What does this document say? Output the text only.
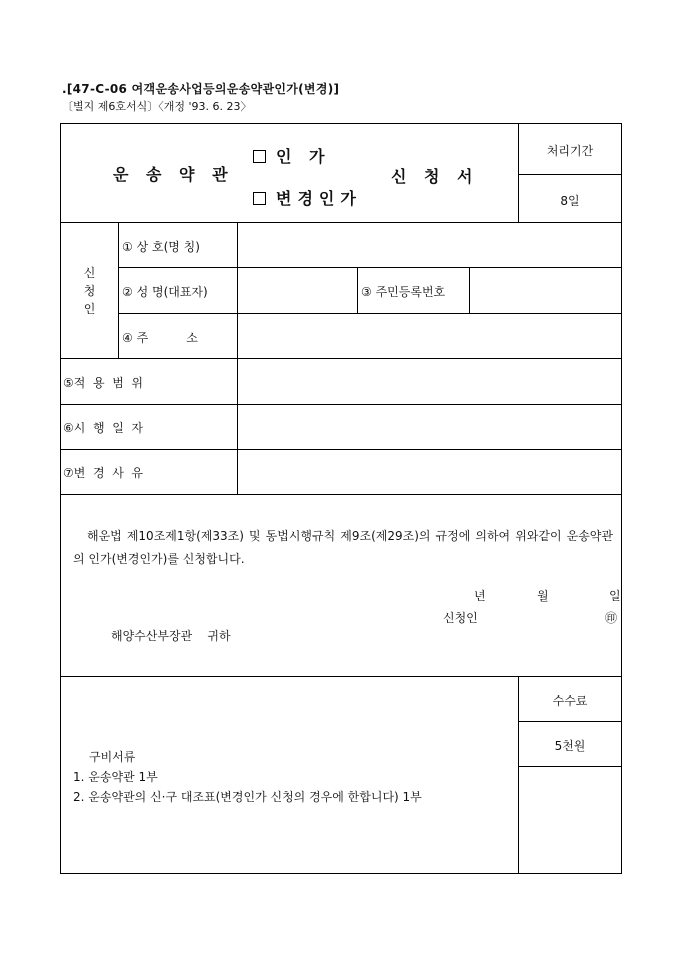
.[47-C-06 여객운송사업등의운송약관인가(변경)]
〔별지 제6호서식〕〈개정 '93. 6. 23〉
운 송 약 관
인 가
변경인가
신 청 서
처리기간
8일
신
청
인
① 상 호(명 칭)
② 성 명(대표자)	③ 주민등록번호
④ 주          소
⑤적  용  범  위
⑥시  행  일  자
⑦변  경  사  유
해운법 제10조제1항(제33조) 및 동법시행규칙 제9조(제29조)의 규정에 의하여 위와같이 운송약관의 인가(변경인가)를 신청합니다.
년	월	일
신청인	㊞
해양수산부장관    귀하
수수료
5천원
구비서류
1. 운송약관 1부
2. 운송약관의 신·구 대조표(변경인가 신청의 경우에 한합니다) 1부
